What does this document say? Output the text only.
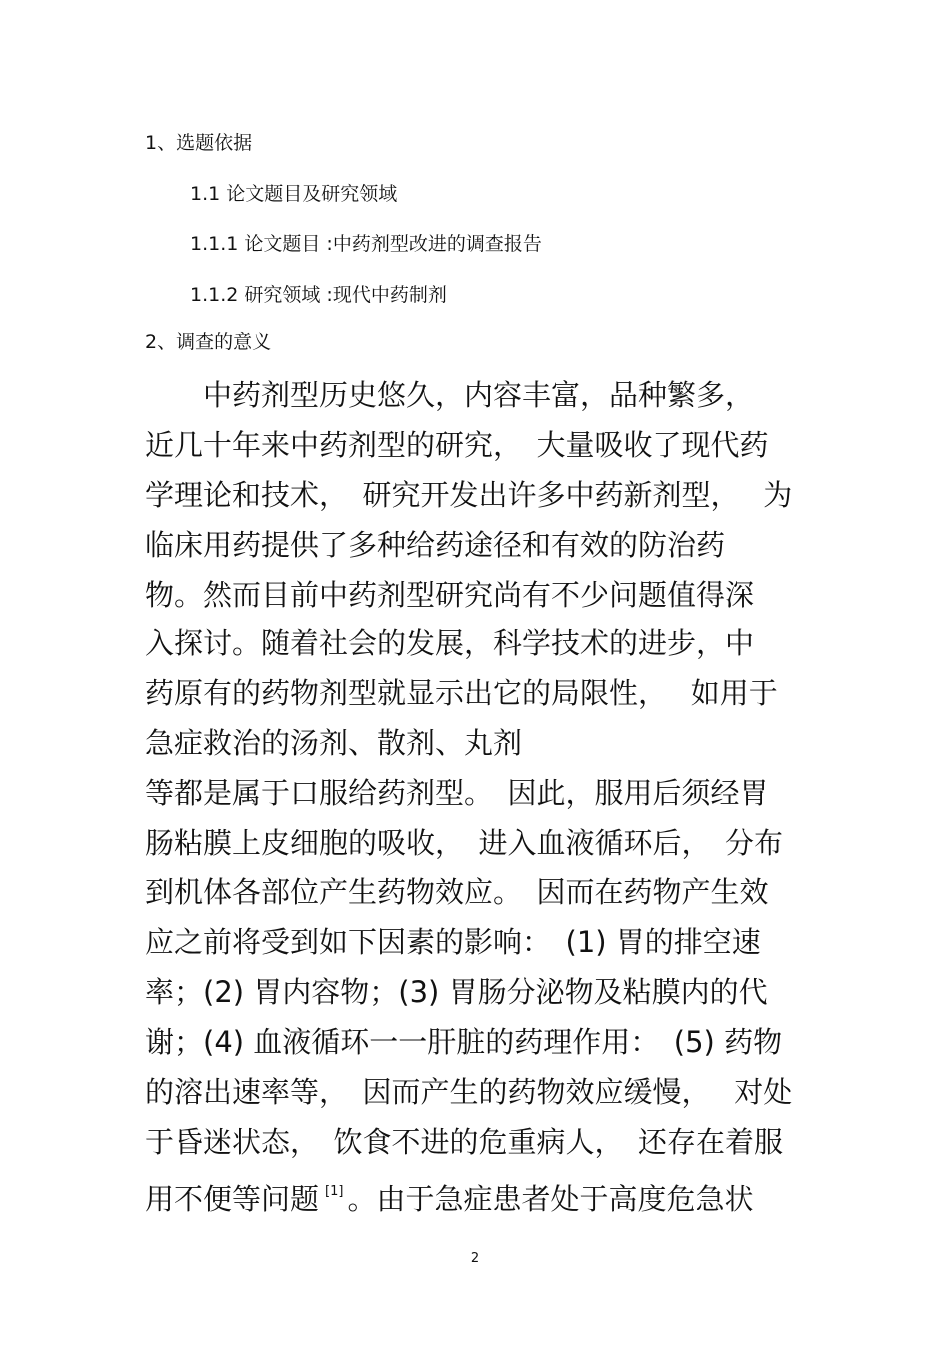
1、选题依据
1.1 论文题目及研究领域
1.1.1 论文题目 :中药剂型改进的调查报告
1.1.2 研究领域 :现代中药制剂
2、调查的意义
　　中药剂型历史悠久，内容丰富，品种繁多，
近几十年来中药剂型的研究，　大量吸收了现代药
学理论和技术，　研究开发出许多中药新剂型，　 为
临床用药提供了多种给药途径和有效的防治药
物。然而目前中药剂型研究尚有不少问题值得深
入探讨。随着社会的发展，科学技术的进步，中
药原有的药物剂型就显示出它的局限性，　 如用于
急症救治的汤剂、散剂、丸剂
等都是属于口服给药剂型。　因此，服用后须经胃
肠粘膜上皮细胞的吸收，　进入血液循环后，　分布
到机体各部位产生药物效应。　因而在药物产生效
应之前将受到如下因素的影响：　(1) 胃的排空速
率；(2) 胃内容物；(3) 胃肠分泌物及粘膜内的代
谢；(4) 血液循环一一肝脏的药理作用：　(5) 药物
的溶出速率等，　因而产生的药物效应缓慢，　 对处
于昏迷状态，　饮食不进的危重病人，　还存在着服
用不便等问题 [1] 。由于急症患者处于高度危急状
2
